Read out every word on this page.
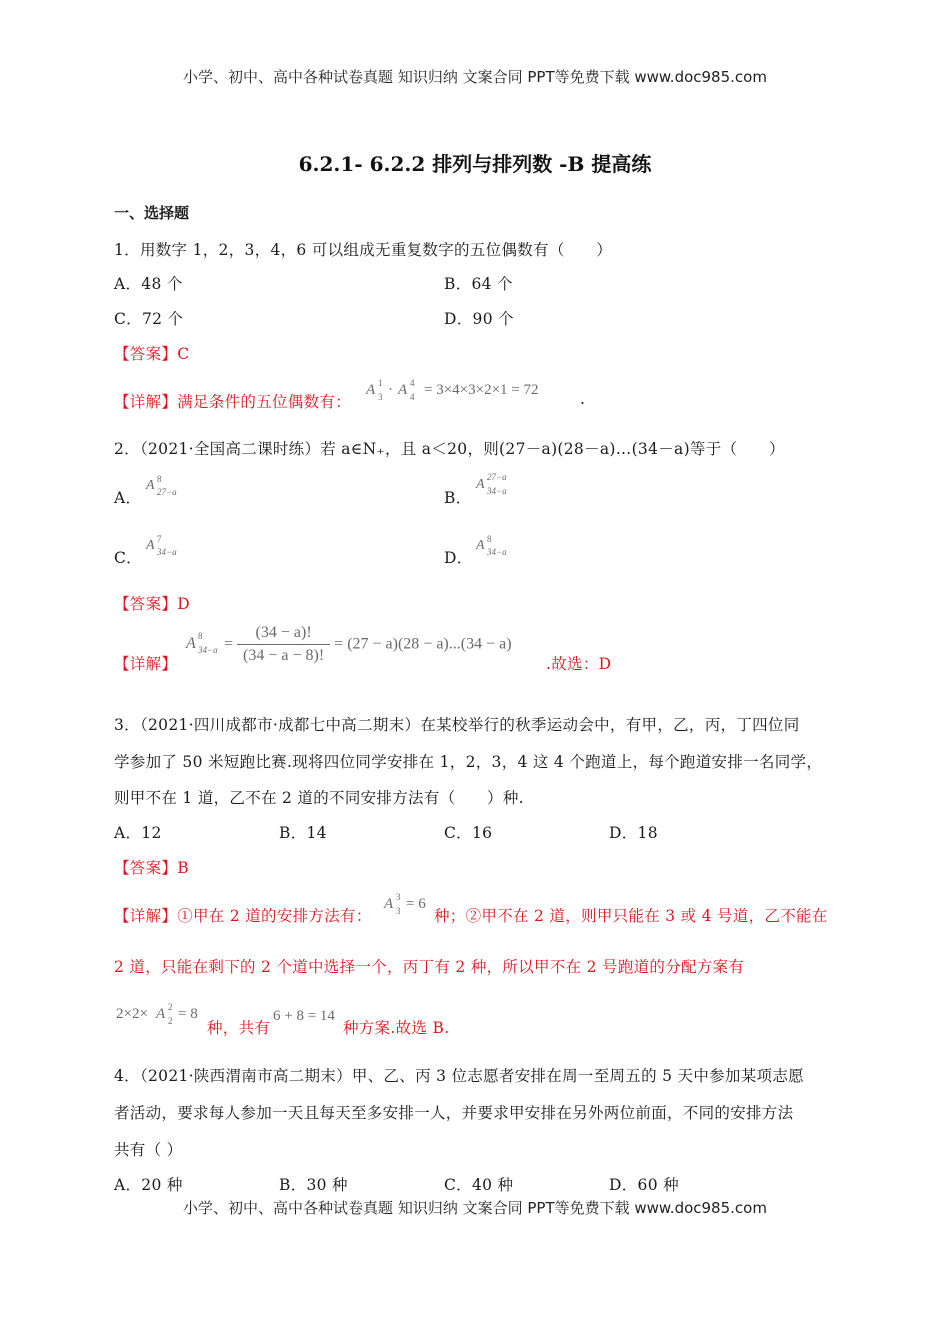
小学、初中、高中各种试卷真题 知识归纳 文案合同 PPT等免费下载 www.doc985.com
6.2.1- 6.2.2 排列与排列数 -B 提高练
一、选择题
1．用数字 1，2，3，4，6 可以组成无重复数字的五位偶数有（　　）
A．48 个	B．64 个
C．72 个	D．90 个
【答案】C
【详解】满足条件的五位偶数有：
A 1
3 · A 4
4 = 3×4×3×2×1 = 72	.
2．（2021·全国高二课时练）若 a∈N₊，且 a＜20，则(27－a)(28－a)…(34－a)等于（　　）
A．
A 8
27−a	B．
A 27−a
34−a
C．
A 7
34−a	D．
A 8
34−a
【答案】D
【详解】
A 8
$34-a = \frac{(34 - a)!}{(34 - a - 8)!} = (27 - a)(28 - a)...(34 - a)$
.故选：D
3．（2021·四川成都市·成都七中高二期末）在某校举行的秋季运动会中，有甲，乙，丙，丁四位同
学参加了 50 米短跑比赛.现将四位同学安排在 1，2，3，4 这 4 个跑道上，每个跑道安排一名同学，
则甲不在 1 道，乙不在 2 道的不同安排方法有（　　）种.
A．12	B．14	C．16	D．18
【答案】B
【详解】①甲在 2 道的安排方法有：
A 3
3 = 6
种；②甲不在 2 道，则甲只能在 3 或 4 号道，乙不能在
2 道，只能在剩下的 2 个道中选择一个，丙丁有 2 种，所以甲不在 2 号跑道的分配方案有
2×2× A 2
2 = 8
种，共有
6 + 8 = 14
种方案.故选 B.
4．（2021·陕西渭南市高二期末）甲、乙、丙 3 位志愿者安排在周一至周五的 5 天中参加某项志愿
者活动，要求每人参加一天且每天至多安排一人，并要求甲安排在另外两位前面，不同的安排方法
共有（ ）
A．20 种	B．30 种	C．40 种	D．60 种
小学、初中、高中各种试卷真题 知识归纳 文案合同 PPT等免费下载 www.doc985.com
